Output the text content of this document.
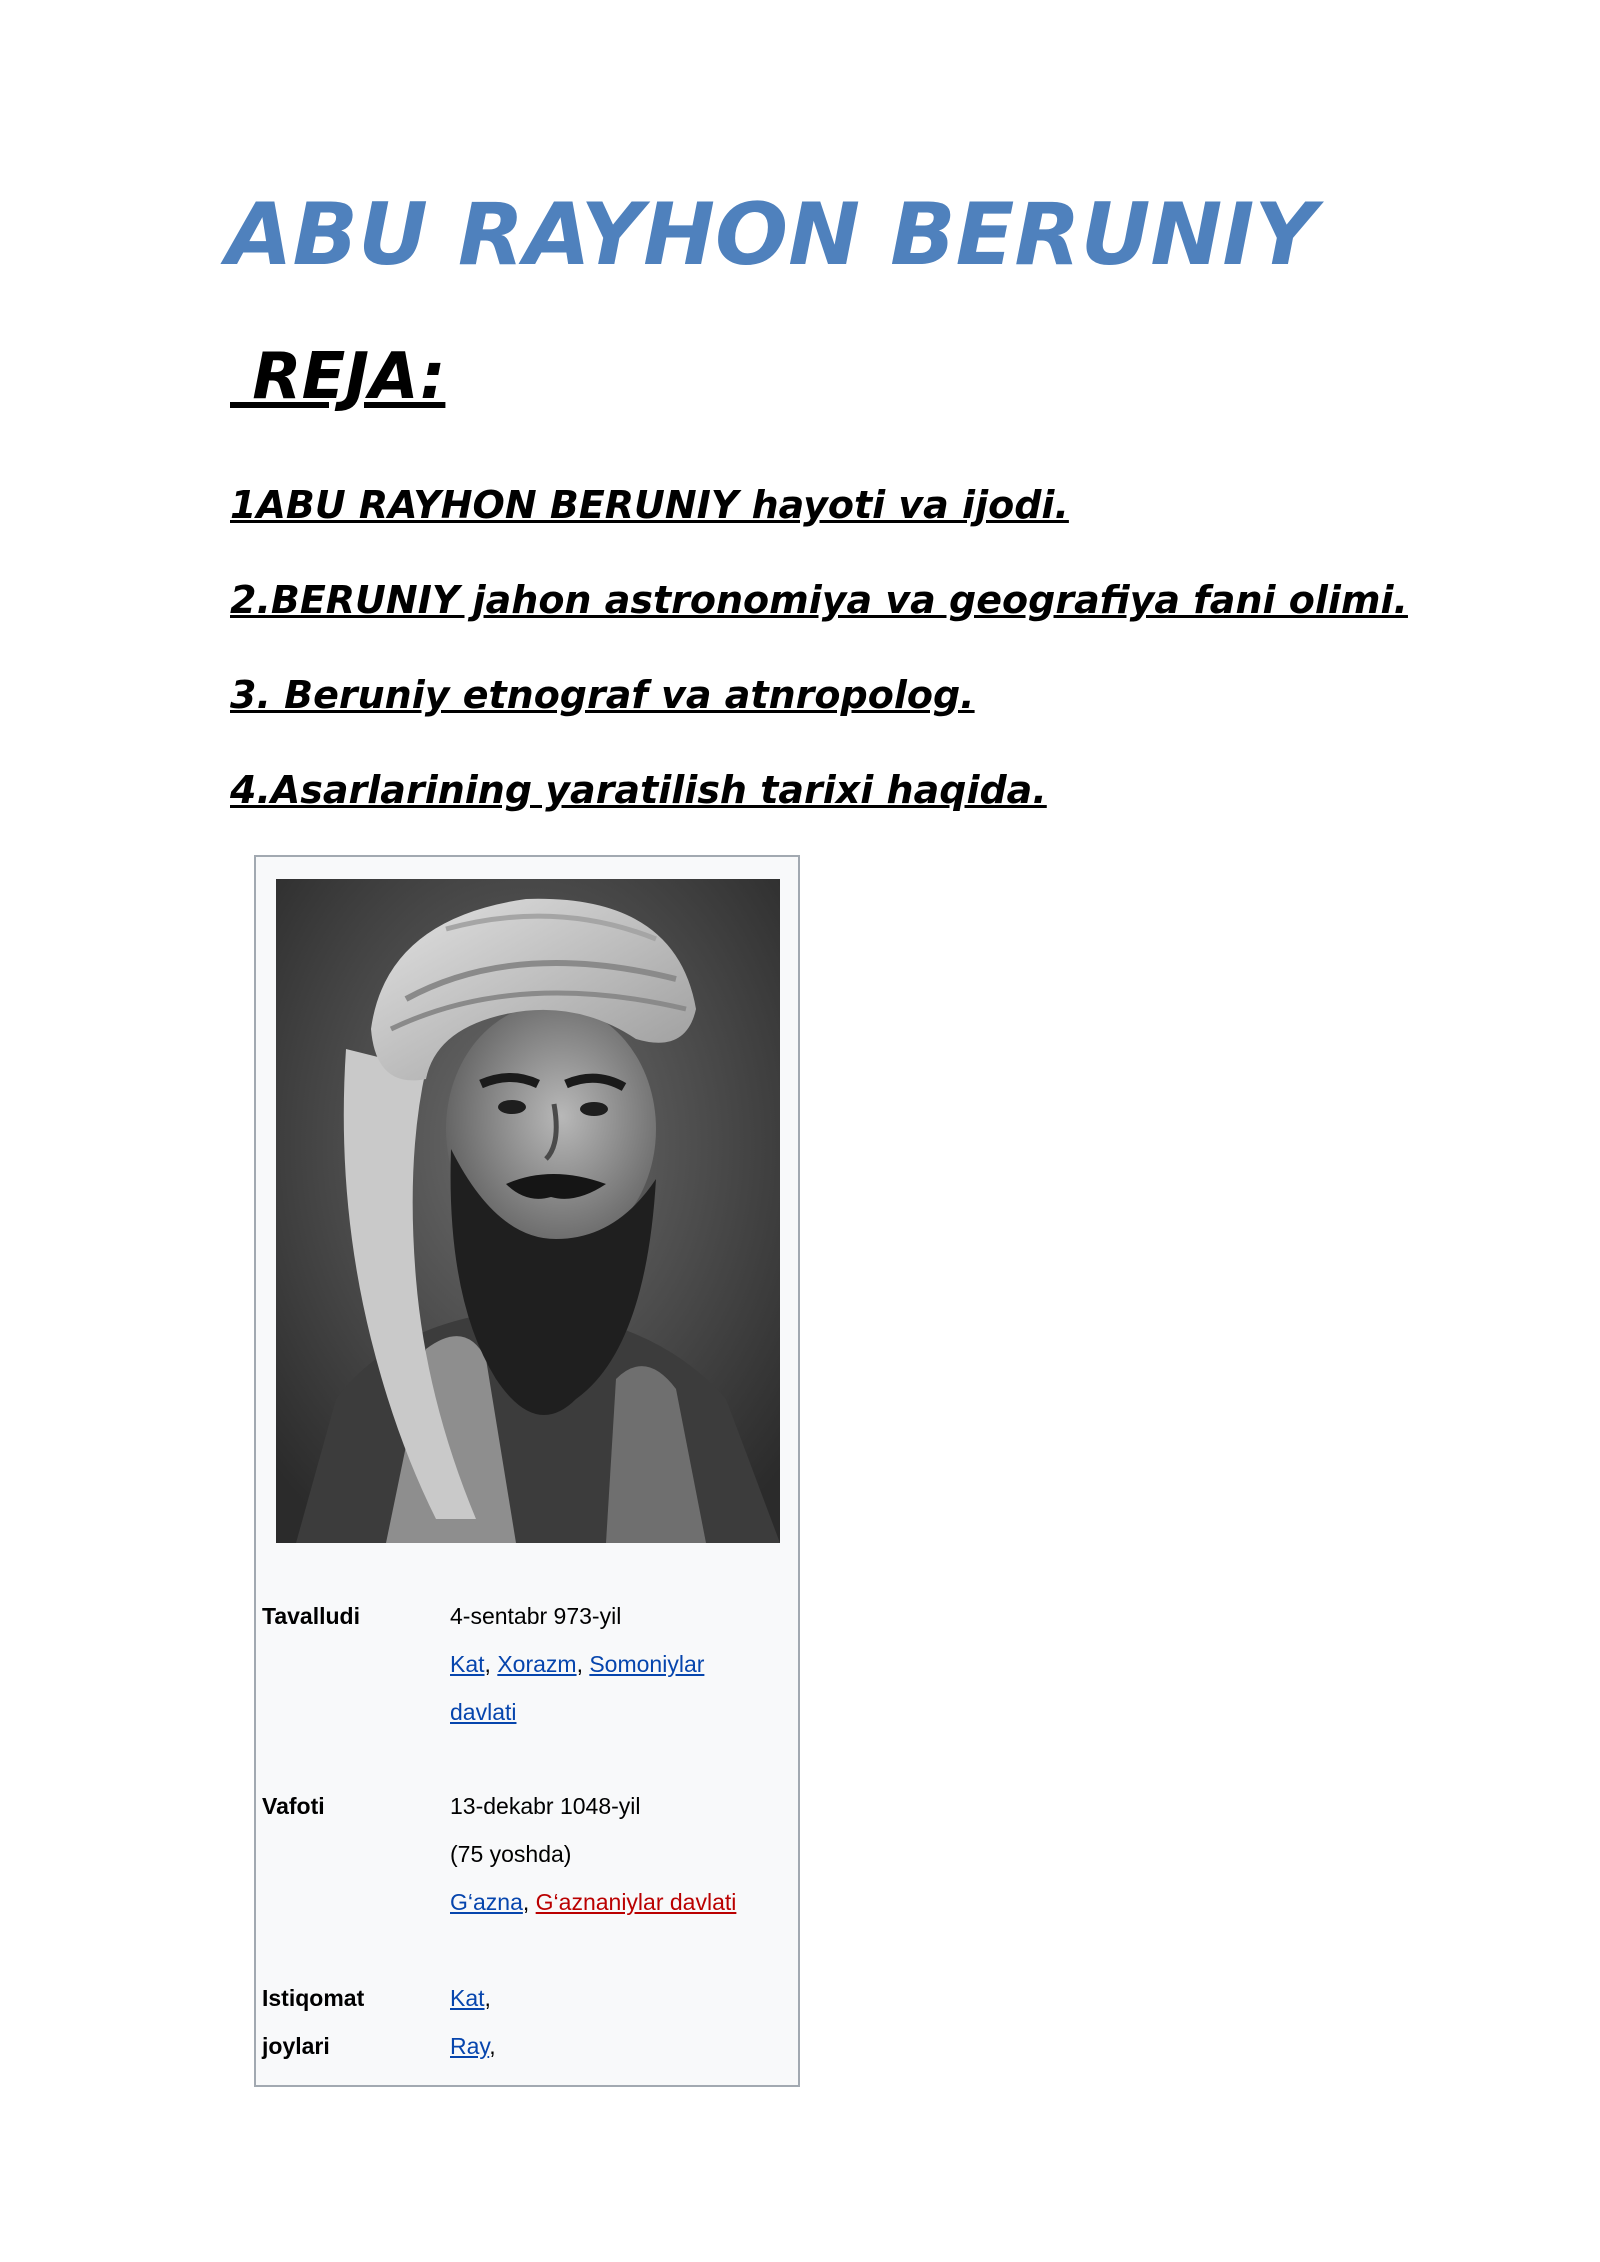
ABU RAYHON BERUNIY
REJA:
1ABU RAYHON BERUNIY hayoti va ijodi.
2.BERUNIY jahon astronomiya va geografiya fani olimi.
3. Beruniy etnograf va atnropolog.
4.Asarlarining yaratilish tarixi haqida.
Tavalludi	4-sentabr 973-yil
Kat, Xorazm, Somoniylar
davlati
Vafoti	13-dekabr 1048-yil
(75 yoshda)
G‘azna, G‘aznaniylar davlati
Istiqomat
joylari
Kat,
Ray,
